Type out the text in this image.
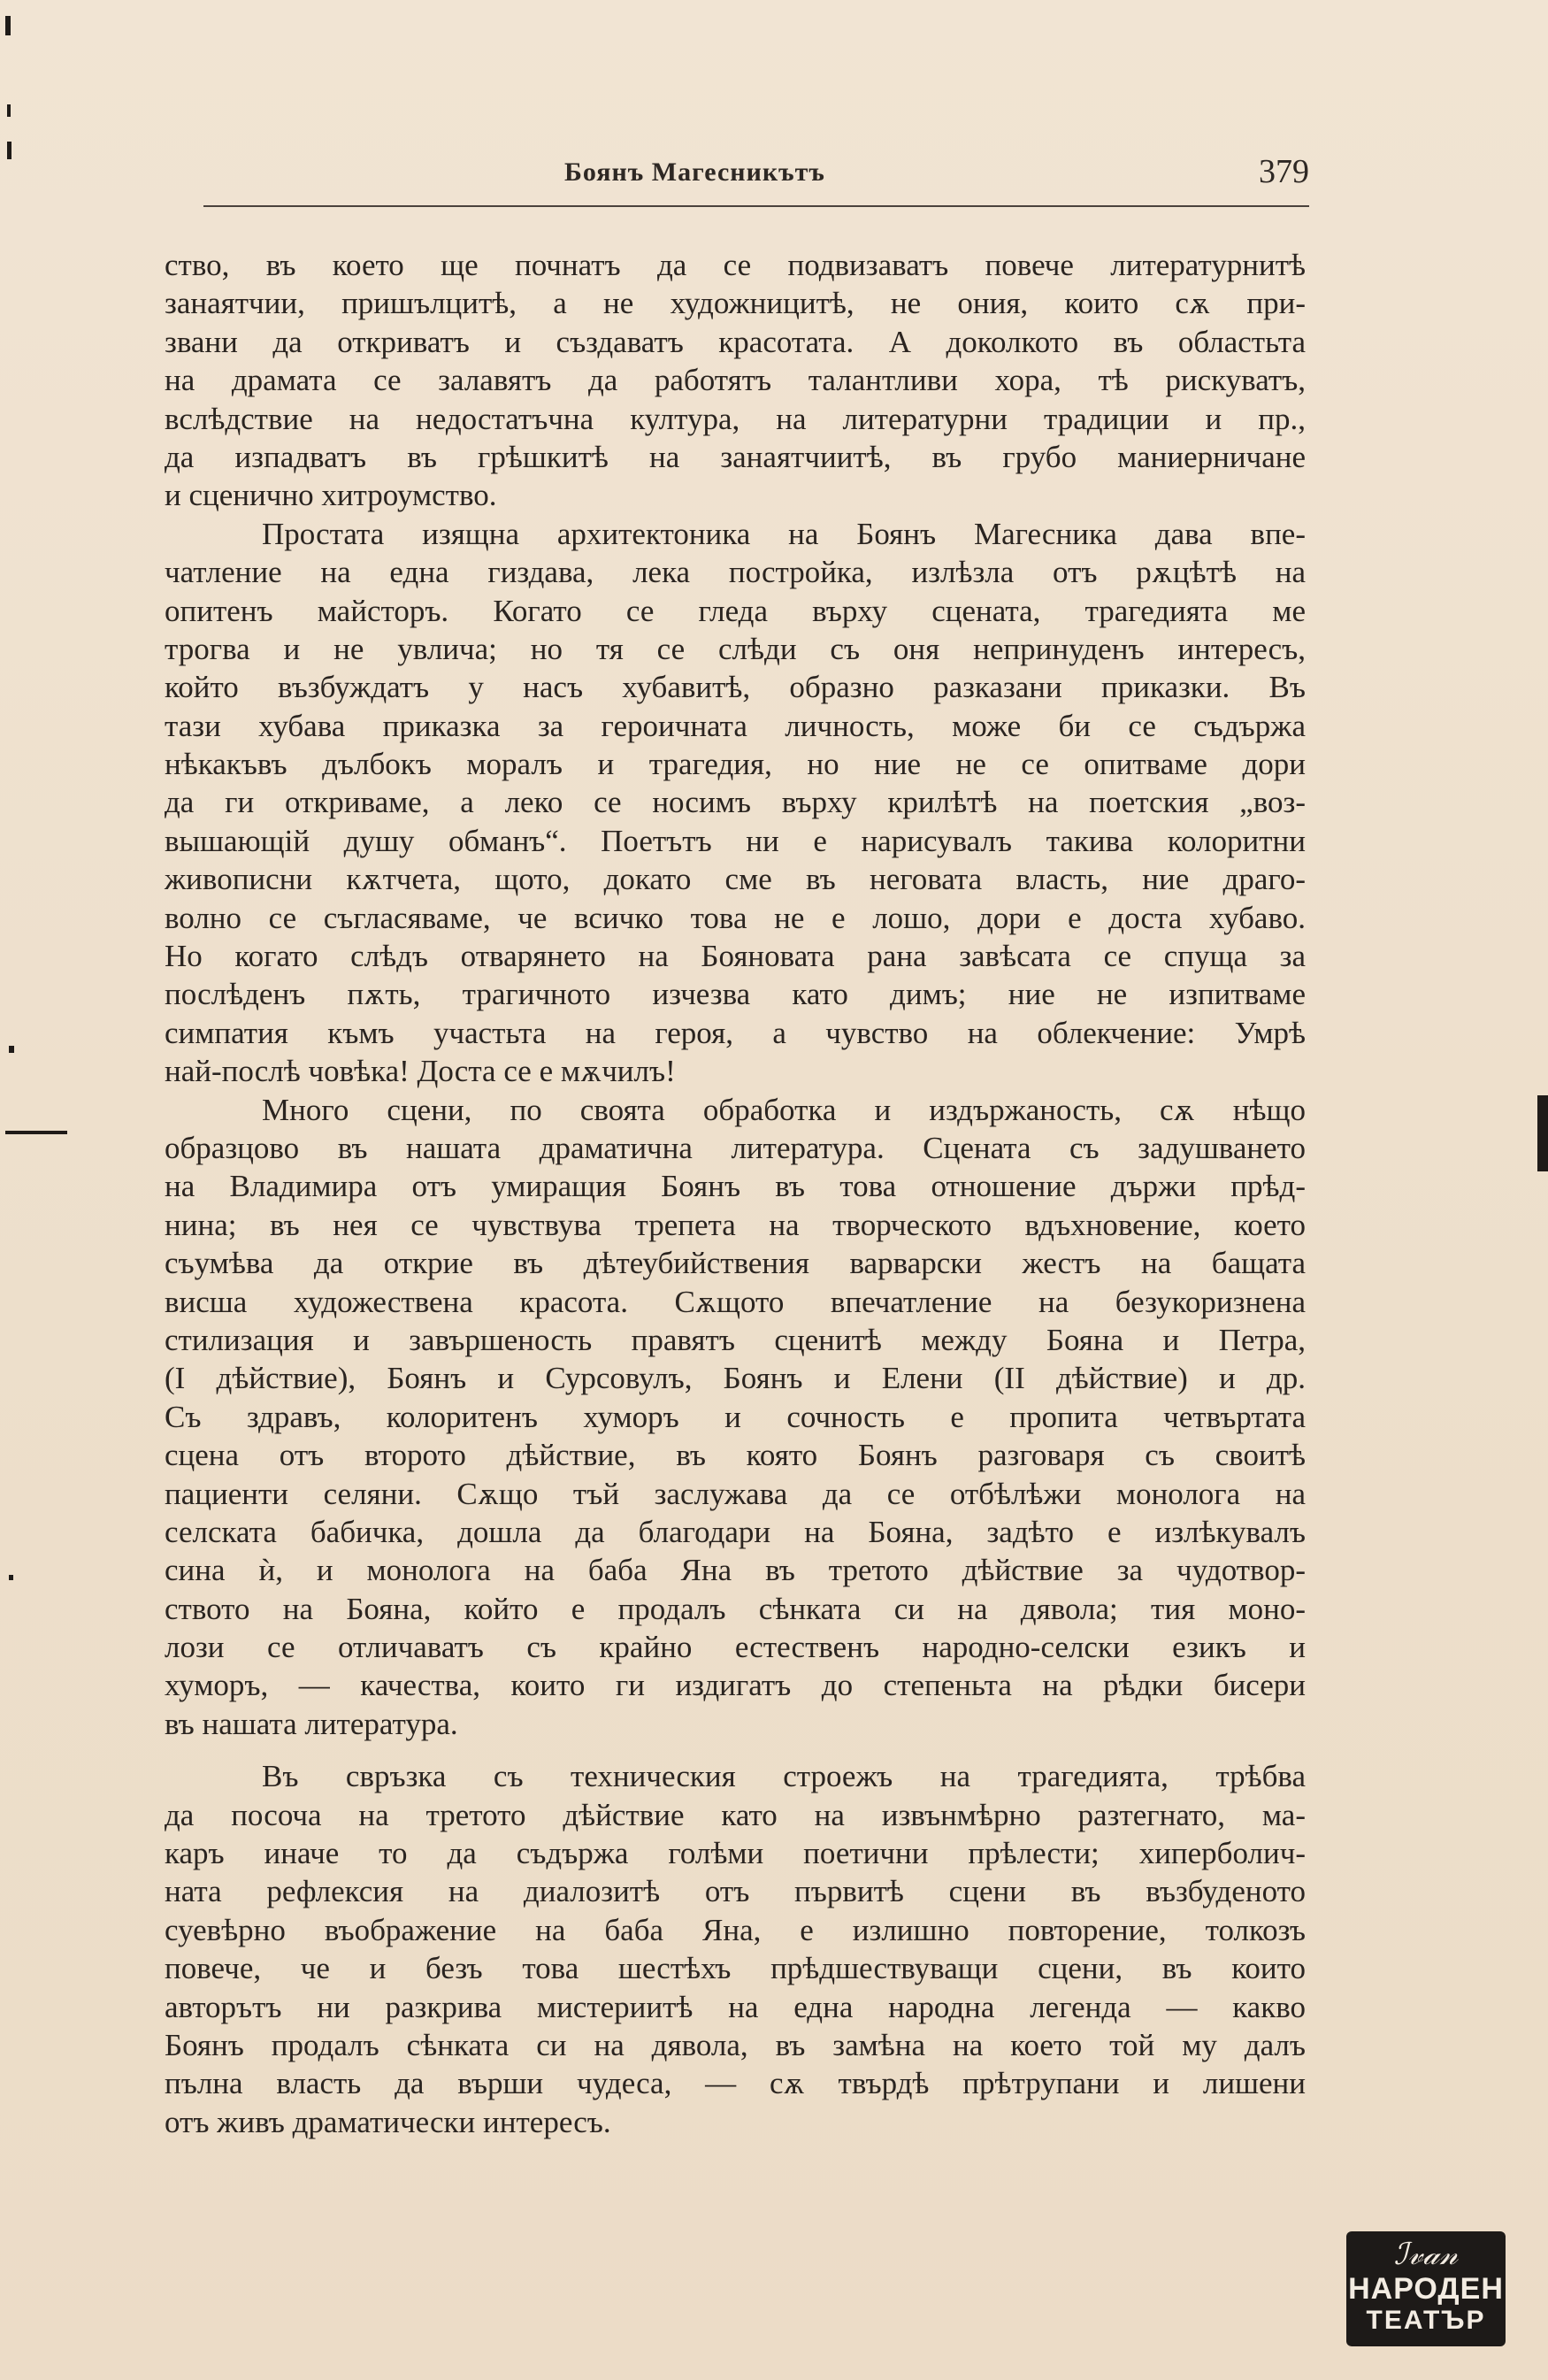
Боянъ Магесникътъ	379
ство, въ което ще почнатъ да се подвизаватъ повече литературнитѣ
занаятчии, пришълцитѣ, а не художницитѣ, не ония, които сѫ при-
звани да откриватъ и създаватъ красотата. А доколкото въ областьта
на драмата се залавятъ да работятъ талантливи хора, тѣ рискуватъ,
вслѣдствие на недостатъчна култура, на литературни традиции и пр.,
да изпадватъ въ грѣшкитѣ на занаятчиитѣ, въ грубо маниерничане
и сценично хитроумство.
Простата изящна архитектоника на Боянъ Магесника дава впе-
чатление на една гиздава, лека постройка, излѣзла отъ рѫцѣтѣ на
опитенъ майсторъ. Когато се гледа върху сцената, трагедията ме
трогва и не увлича; но тя се слѣди съ оня непринуденъ интересъ,
който възбуждатъ у насъ хубавитѣ, образно разказани приказки. Въ
тази хубава приказка за героичната личность, може би се съдържа
нѣкакъвъ дълбокъ моралъ и трагедия, но ние не се опитваме дори
да ги откриваме, а леко се носимъ върху крилѣтѣ на поетския „воз-
вышающій душу обманъ“. Поетътъ ни е нарисувалъ такива колоритни
живописни кѫтчета, щото, докато сме въ неговата власть, ние драго-
волно се съгласяваме, че всичко това не е лошо, дори е доста хубаво.
Но когато слѣдъ отварянето на Бояновата рана завѣсата се спуща за
послѣденъ пѫть, трагичното изчезва като димъ; ние не изпитваме
симпатия къмъ участьта на героя, а чувство на облекчение: Умрѣ
най-послѣ човѣка! Доста се е мѫчилъ!
Много сцени, по своята обработка и издържаность, сѫ нѣщо
образцово въ нашата драматична литература. Сцената съ задушването
на Владимира отъ умиращия Боянъ въ това отношение държи прѣд-
нина; въ нея се чувствува трепета на творческото вдъхновение, което
съумѣва да открие въ дѣтеубийствения варварски жестъ на бащата
висша художествена красота. Сѫщото впечатление на безукоризнена
стилизация и завършеность правятъ сценитѣ между Бояна и Петра,
(I дѣйствие), Боянъ и Сурсовулъ, Боянъ и Елени (II дѣйствие) и др.
Съ здравъ, колоритенъ хуморъ и сочность е пропита четвъртата
сцена отъ второто дѣйствие, въ която Боянъ разговаря съ своитѣ
пациенти селяни. Сѫщо тъй заслужава да се отбѣлѣжи монолога на
селската бабичка, дошла да благодари на Бояна, задѣто е излѣкувалъ
сина ѝ, и монолога на баба Яна въ третото дѣйствие за чудотвор-
ството на Бояна, който е продалъ сѣнката си на дявола; тия моно-
лози се отличаватъ съ крайно естественъ народно-селски езикъ и
хуморъ, — качества, които ги издигатъ до степеньта на рѣдки бисери
въ нашата литература.
Въ свръзка съ техническия строежъ на трагедията, трѣбва
да посоча на третото дѣйствие като на извънмѣрно разтегнато, ма-
каръ иначе то да съдържа голѣми поетични прѣлести; хиперболич-
ната рефлексия на диалозитѣ отъ първитѣ сцени въ възбуденото
суевѣрно въображение на баба Яна, е излишно повторение, толкозъ
повече, че и безъ това шестѣхъ прѣдшествуващи сцени, въ които
авторътъ ни разкрива мистериитѣ на една народна легенда — какво
Боянъ продалъ сѣнката си на дявола, въ замѣна на което той му далъ
пълна власть да върши чудеса, — сѫ твърдѣ прѣтрупани и лишени
отъ живъ драматически интересъ.
ℐ𝓋𝒶𝓃
НАРОДЕН
ТЕАТЪР
